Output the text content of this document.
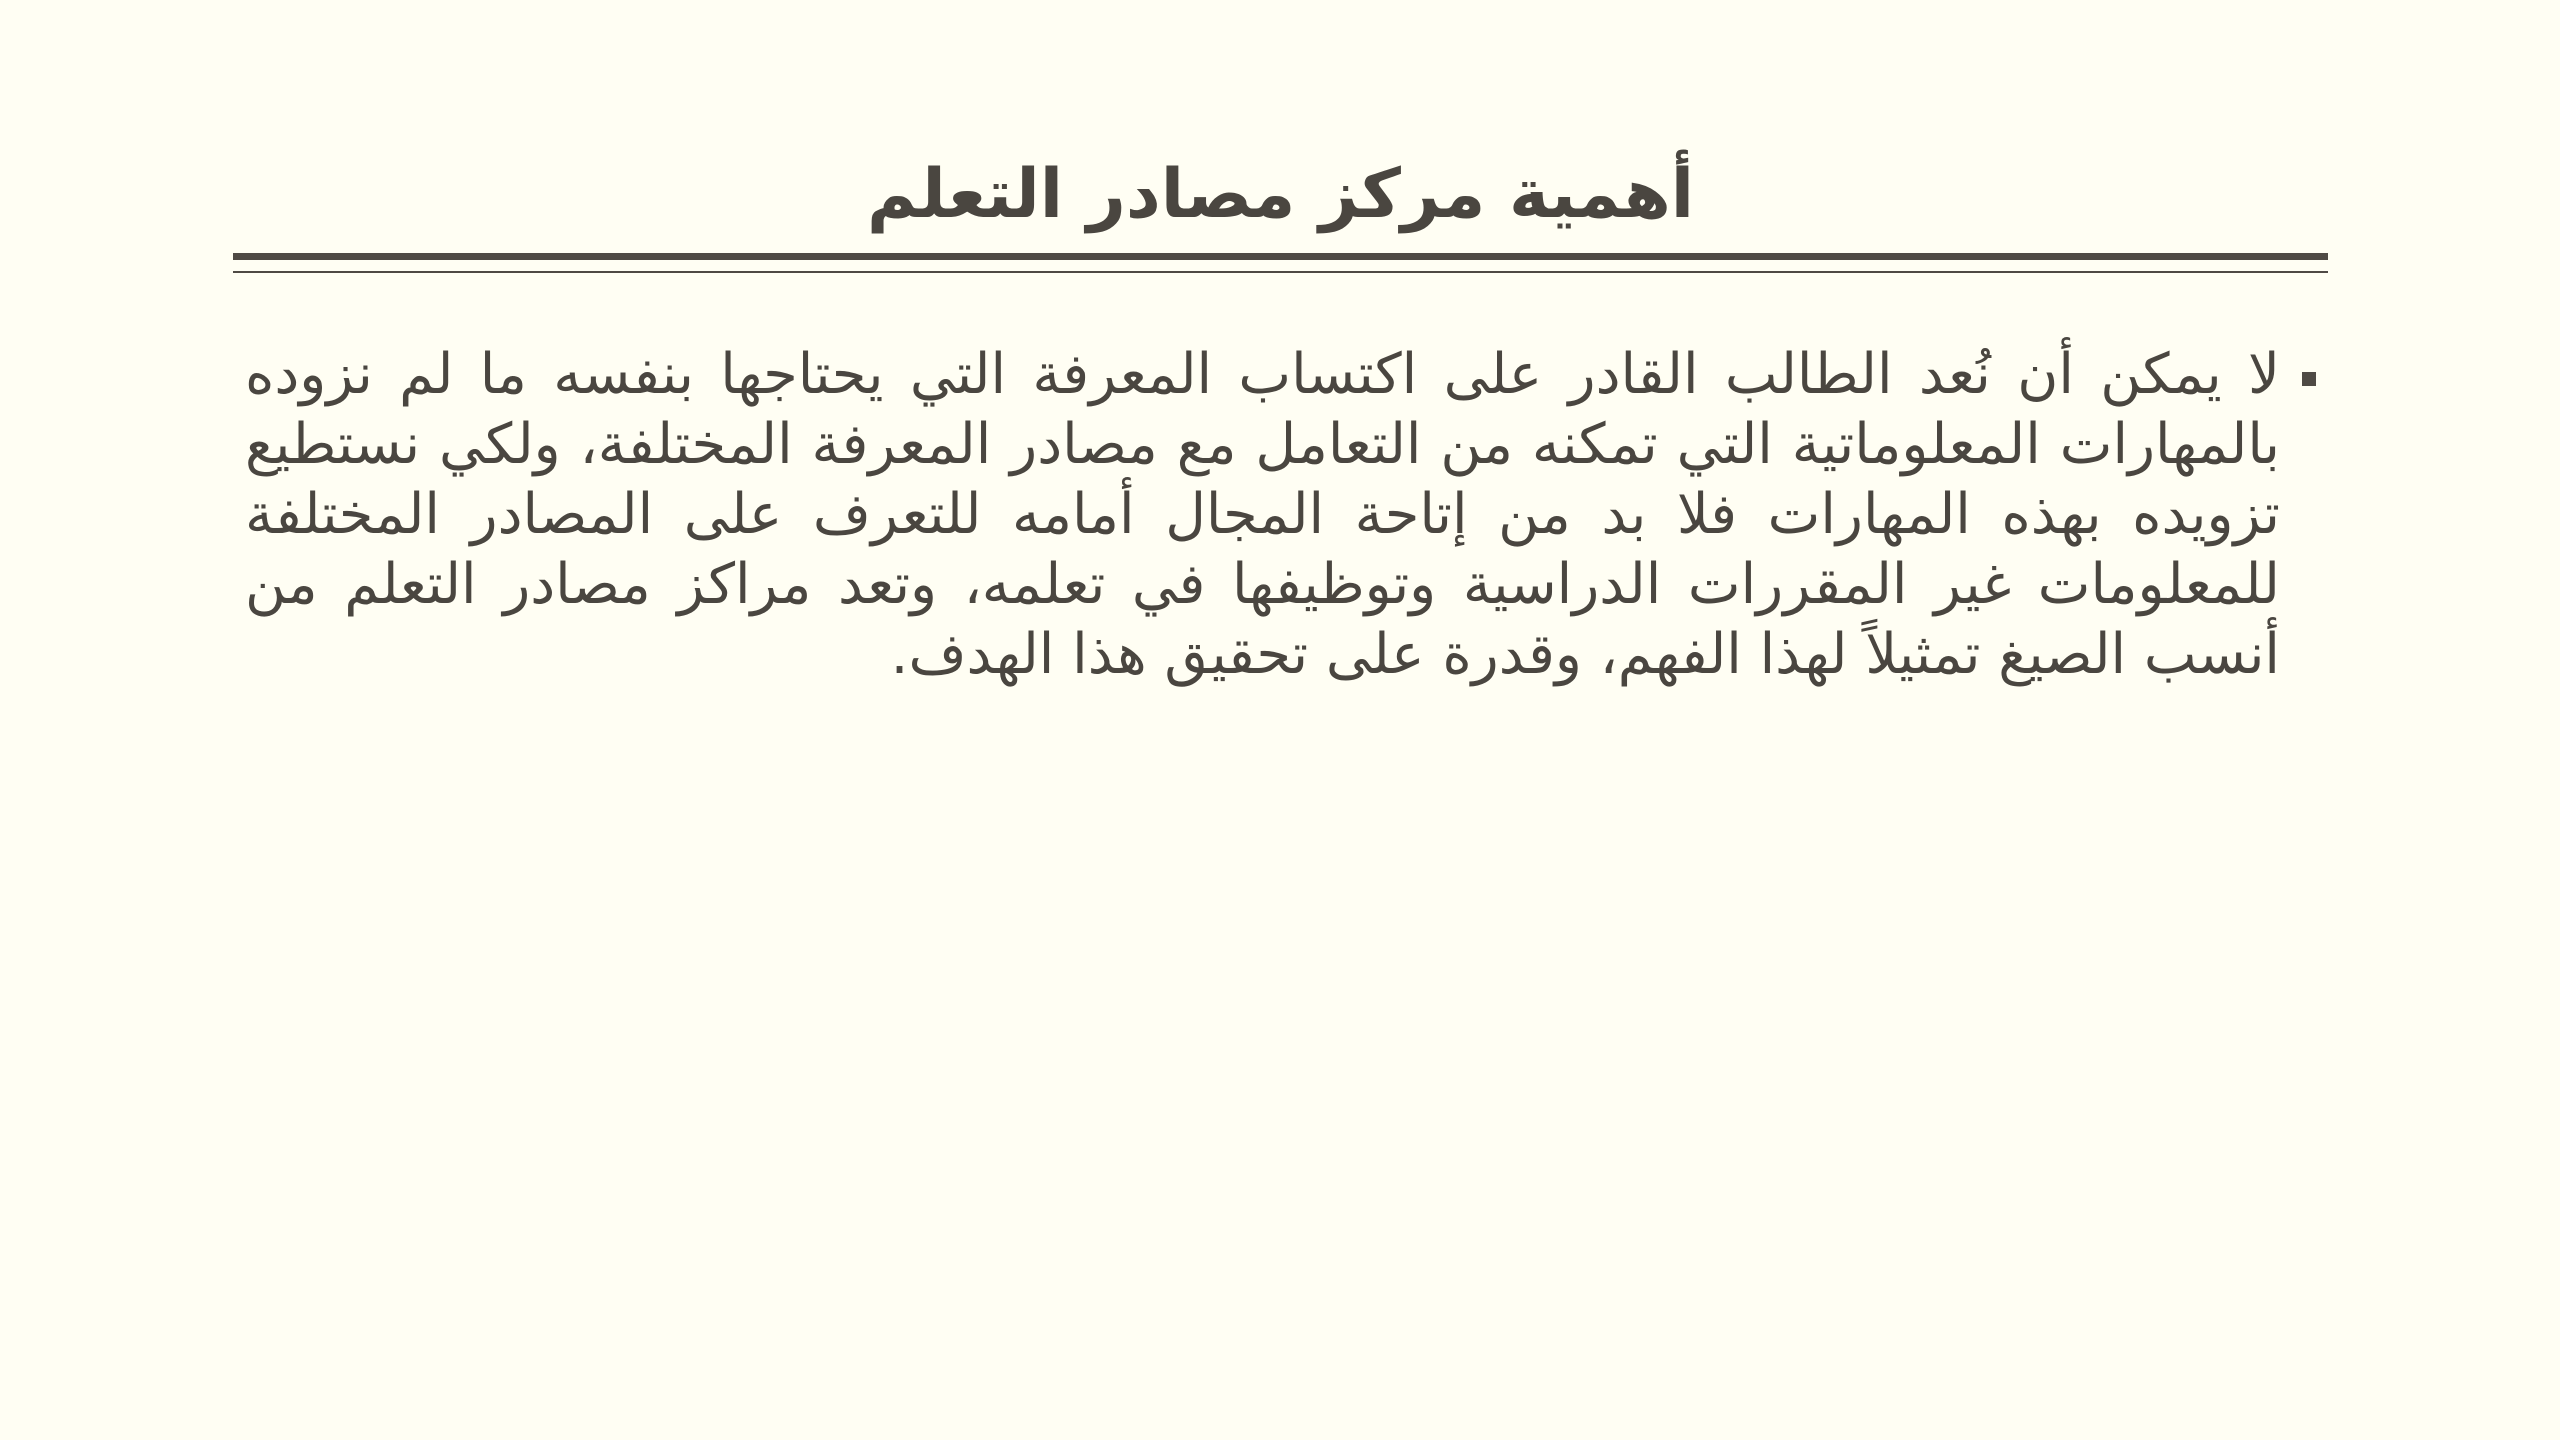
أهمية مركز مصادر التعلم

لا يمكن أن نُعد الطالب القادر على اكتساب المعرفة التي يحتاجها بنفسه ما لم نزوده بالمهارات المعلوماتية التي تمكنه من التعامل مع مصادر المعرفة المختلفة، ولكي نستطيع تزويده بهذه المهارات فلا بد من إتاحة المجال أمامه للتعرف على المصادر المختلفة للمعلومات غير المقررات الدراسية وتوظيفها في تعلمه، وتعد مراكز مصادر التعلم من أنسب الصيغ تمثيلاً لهذا الفهم، وقدرة على تحقيق هذا الهدف.
